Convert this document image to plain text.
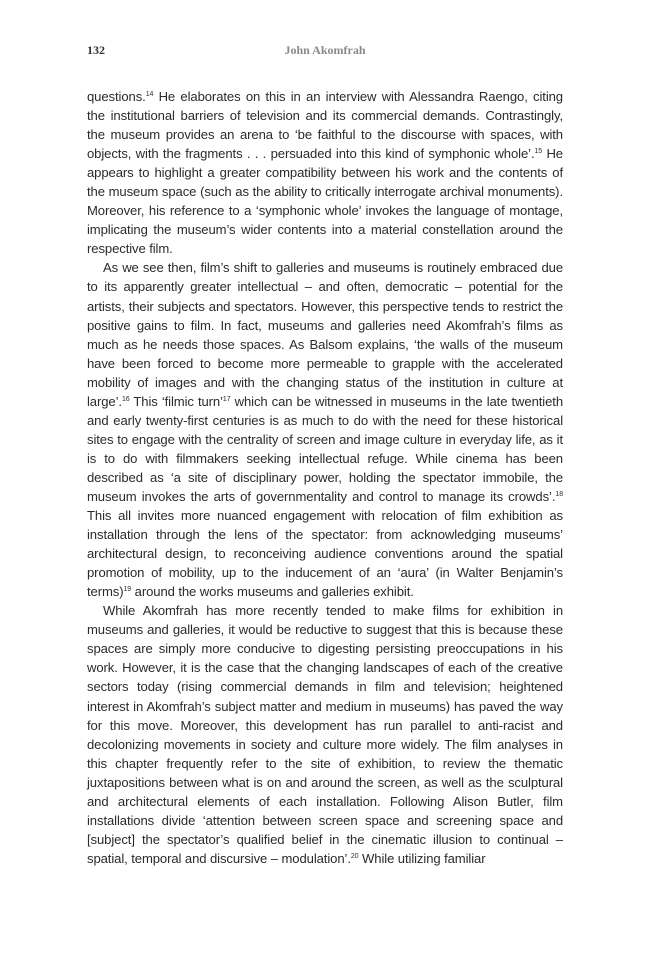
132	John Akomfrah

questions.$^{14}$ He elaborates on this in an interview with Alessandra Raengo, citing the institutional barriers of television and its commercial demands. Contrastingly, the museum provides an arena to ‘be faithful to the discourse with spaces, with objects, with the fragments . . . persuaded into this kind of symphonic whole’.$^{15}$ He appears to highlight a greater compatibility between his work and the contents of the museum space (such as the ability to critically interrogate archival monuments). Moreover, his reference to a ‘symphonic whole’ invokes the language of montage, implicating the museum’s wider contents into a material constellation around the respective film.

As we see then, film’s shift to galleries and museums is routinely embraced due to its apparently greater intellectual – and often, democratic – potential for the artists, their subjects and spectators. However, this perspective tends to restrict the positive gains to film. In fact, museums and galleries need Akomfrah’s films as much as he needs those spaces. As Balsom explains, ‘the walls of the museum have been forced to become more permeable to grapple with the accelerated mobility of images and with the changing status of the institution in culture at large’.$^{16}$ This ‘filmic turn’$^{17}$ which can be witnessed in museums in the late twentieth and early twenty-first centuries is as much to do with the need for these historical sites to engage with the centrality of screen and image culture in everyday life, as it is to do with filmmakers seeking intellectual refuge. While cinema has been described as ‘a site of disciplinary power, holding the spectator immobile, the museum invokes the arts of governmentality and control to manage its crowds’.$^{18}$ This all invites more nuanced engagement with relocation of film exhibition as installation through the lens of the spectator: from acknowledging museums’ architectural design, to reconceiving audience conventions around the spatial promotion of mobility, up to the inducement of an ‘aura’ (in Walter Benjamin’s terms)$^{19}$ around the works museums and galleries exhibit.

While Akomfrah has more recently tended to make films for exhibition in museums and galleries, it would be reductive to suggest that this is because these spaces are simply more conducive to digesting persisting preoccupations in his work. However, it is the case that the changing landscapes of each of the creative sectors today (rising commercial demands in film and television; heightened interest in Akomfrah’s subject matter and medium in museums) has paved the way for this move. Moreover, this development has run parallel to anti-racist and decolonizing movements in society and culture more widely. The film analyses in this chapter frequently refer to the site of exhibition, to review the thematic juxtapositions between what is on and around the screen, as well as the sculptural and architectural elements of each installation. Following Alison Butler, film installations divide ‘attention between screen space and screening space and [subject] the spectator’s qualified belief in the cinematic illusion to continual – spatial, temporal and discursive – modulation’.$^{20}$ While utilizing familiar
